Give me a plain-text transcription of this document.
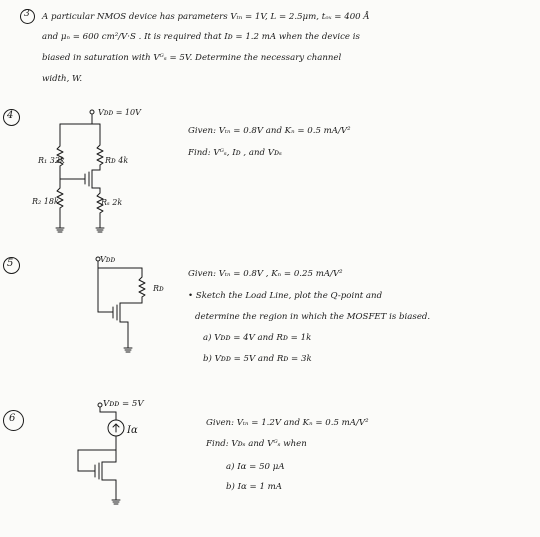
3 A particular NMOS device has parameters Vₜₙ = 1V, L = 2.5μm, tₒₓ = 400 Å
and μₙ = 600 cm²/V·S . It is required that Iᴅ = 1.2 mA when the device is
biased in saturation with Vᴳₛ = 5V. Determine the necessary channel
width, W.
4	Vᴅᴅ = 10V
R₁ 32k	Rᴅ 4k
R₂ 18k	Rₛ 2k
Given: Vₜₙ = 0.8V and Kₙ = 0.5 mA/V²
Find: Vᴳₛ, Iᴅ , and Vᴅₛ
5	Vᴅᴅ
Rᴅ
Given: Vₜₙ = 0.8V , Kₙ = 0.25 mA/V²
• Sketch the Load Line, plot the Q-point and
determine the region in which the MOSFET is biased.
a) Vᴅᴅ = 4V and Rᴅ = 1k
b) Vᴅᴅ = 5V and Rᴅ = 3k
6
Vᴅᴅ = 5V
Iɑ
Given: Vₜₙ = 1.2V and Kₙ = 0.5 mA/V²
Find: Vᴅₛ and Vᴳₛ when
a) Iɑ = 50 μA
b) Iɑ = 1 mA
